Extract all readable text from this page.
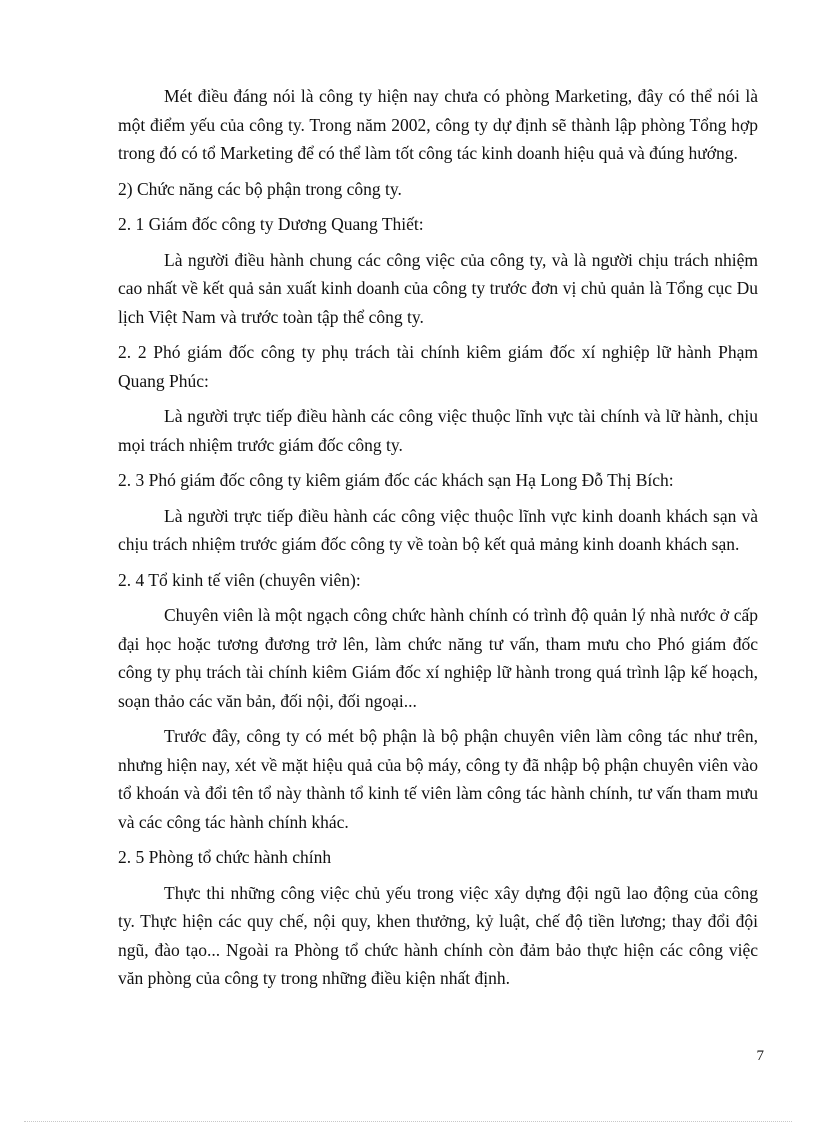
Mét điều đáng nói là công ty hiện nay chưa có phòng Marketing, đây có thể nói là một điểm yếu của công ty. Trong năm 2002, công ty dự định sẽ thành lập phòng Tổng hợp trong đó có tổ Marketing để có thể làm tốt công tác kinh doanh hiệu quả và đúng hướng.

2) Chức năng các bộ phận trong công ty.

2. 1 Giám đốc công ty Dương Quang Thiết:

Là người điều hành chung các công việc của công ty, và là người chịu trách nhiệm cao nhất về kết quả sản xuất kinh doanh của công ty trước đơn vị chủ quản là Tổng cục Du lịch Việt Nam và trước toàn tập thể công ty.

2. 2 Phó giám đốc công ty phụ trách tài chính kiêm giám đốc xí nghiệp lữ hành Phạm Quang Phúc:

Là người trực tiếp điều hành các công việc thuộc lĩnh vực tài chính và lữ hành, chịu mọi trách nhiệm trước giám đốc công ty.

2. 3 Phó giám đốc công ty kiêm giám đốc các khách sạn Hạ Long Đỗ Thị Bích:

Là người trực tiếp điều hành các công việc thuộc lĩnh vực kinh doanh khách sạn và chịu trách nhiệm trước giám đốc công ty về toàn bộ kết quả mảng kinh doanh khách sạn.

2. 4 Tổ kinh tế viên (chuyên viên):

Chuyên viên là một ngạch công chức hành chính có trình độ quản lý nhà nước ở cấp đại học hoặc tương đương trở lên, làm chức năng tư vấn, tham mưu cho Phó giám đốc công ty phụ trách tài chính kiêm Giám đốc xí nghiệp lữ hành trong quá trình lập kế hoạch, soạn thảo các văn bản, đối nội, đối ngoại...

Trước đây, công ty có mét bộ phận là bộ phận chuyên viên làm công tác như trên, nhưng hiện nay, xét về mặt hiệu quả của bộ máy, công ty đã nhập bộ phận chuyên viên vào tổ khoán và đổi tên tổ này thành tổ kinh tế viên làm công tác hành chính, tư vấn tham mưu và các công tác hành chính khác.

2. 5 Phòng tổ chức hành chính

Thực thi những công việc chủ yếu trong việc xây dựng đội ngũ lao động của công ty. Thực hiện các quy chế, nội quy, khen thưởng, kỷ luật, chế độ tiền lương; thay đổi đội ngũ, đào tạo... Ngoài ra Phòng tổ chức hành chính còn đảm bảo thực hiện các công việc văn phòng của công ty trong những điều kiện nhất định.

7
